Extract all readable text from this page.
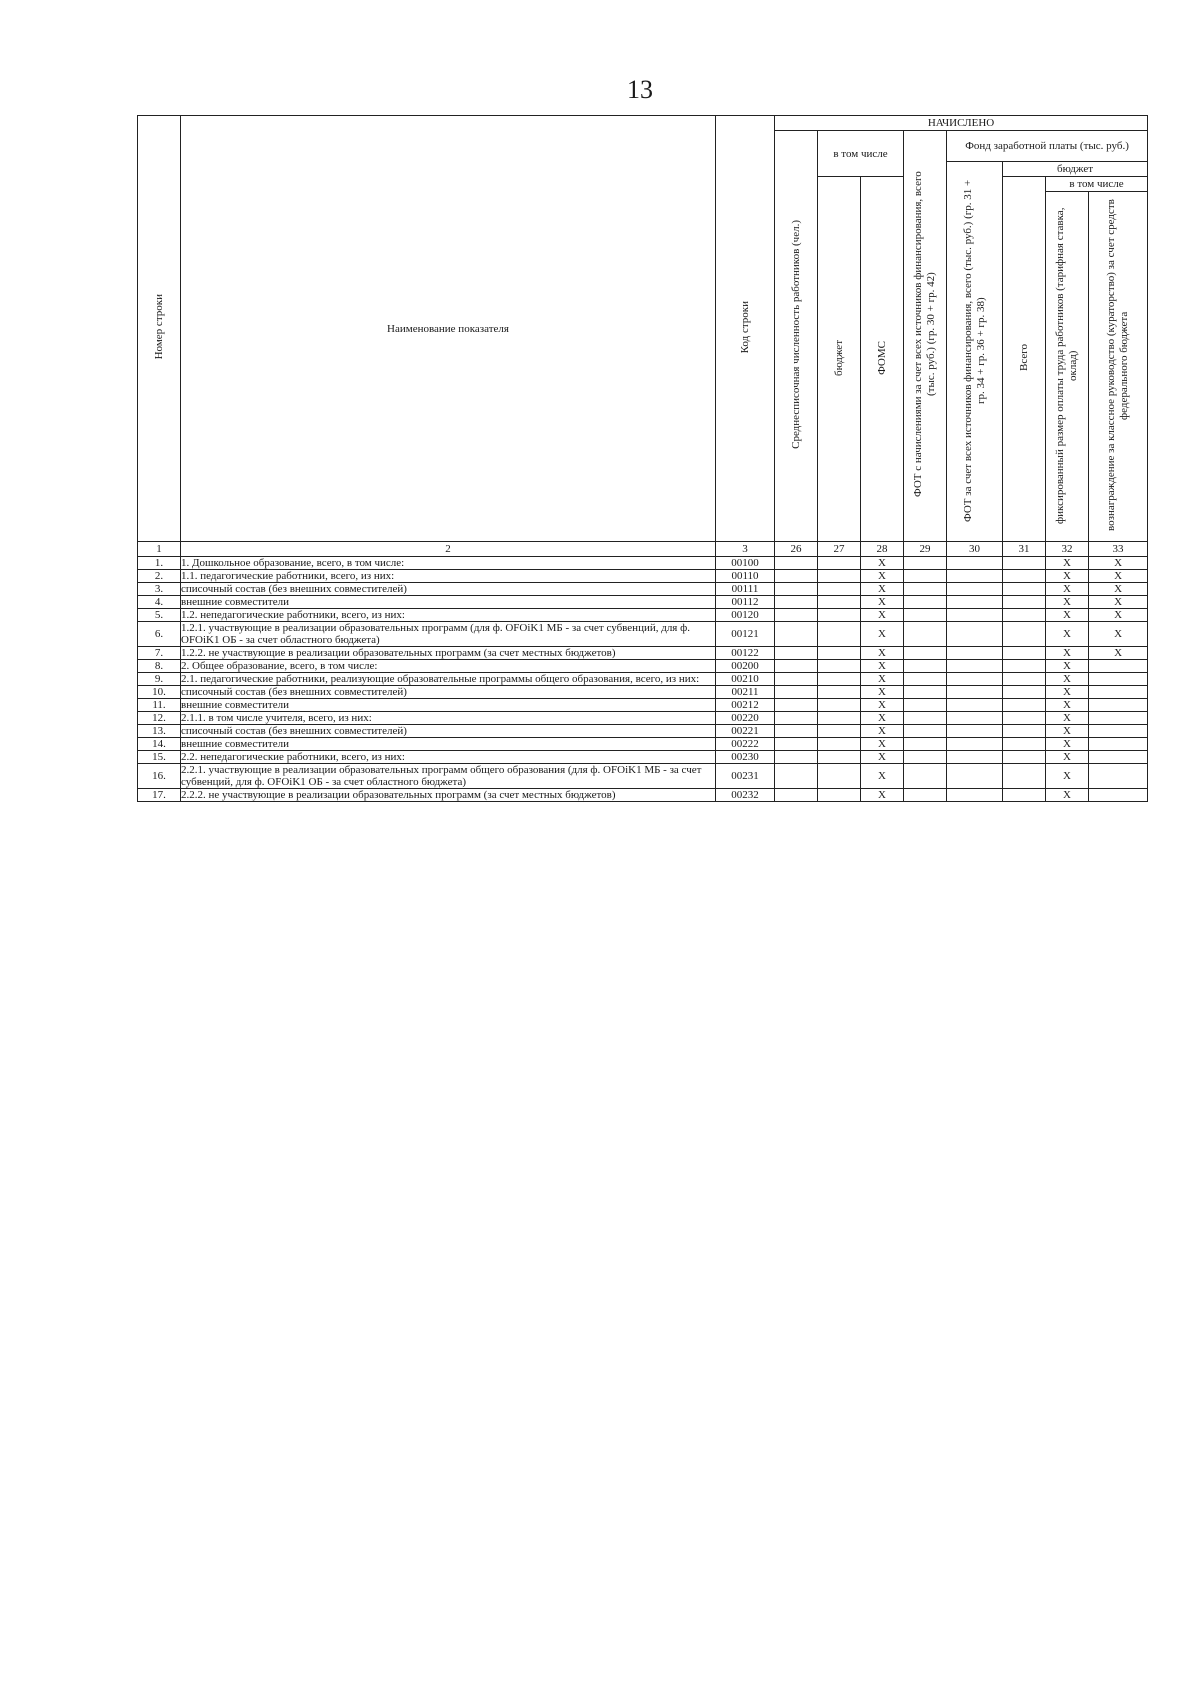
13
Номер строки	Наименование показателя	Код строки	НАЧИСЛЕНО							
			Среднесписочная численность работников (чел.)	в том числе		ФОТ с начислениями за счет всех источников финансирования, всего (тыс. руб.) (гр. 30 + гр. 42)	Фонд заработной платы (тыс. руб.)			
							ФОТ за счет всех источников финансирования, всего (тыс. руб.) (гр. 31 + гр. 34 + гр. 36 + гр. 38)	бюджет		
				бюджет	ФОМС			Всего	в том числе	
									фиксированный размер оплаты труда работников (тарифная ставка, оклад)	вознаграждение за классное руководство (кураторство) за счет средств федерального бюджета
1	2	3	26	27	28	29	30	31	32	33
1.	1. Дошкольное образование, всего, в том числе:	00100			X				X	X
2.	1.1. педагогические работники, всего, из них:	00110			X				X	X
3.	списочный состав (без внешних совместителей)	00111			X				X	X
4.	внешние совместители	00112			X				X	X
5.	1.2. непедагогические работники, всего, из них:	00120			X				X	X
6.	1.2.1. участвующие в реализации образовательных программ (для ф. OFOiK1 МБ - за счет субвенций, для ф. OFOiK1 ОБ - за счет областного бюджета)	00121			X				X	X
7.	1.2.2. не участвующие в реализации образовательных программ (за счет местных бюджетов)	00122			X				X	X
8.	2. Общее образование, всего, в том числе:	00200			X				X	
9.	2.1. педагогические работники, реализующие образовательные программы общего образования, всего, из них:	00210			X				X	
10.	списочный состав (без внешних совместителей)	00211			X				X	
11.	внешние совместители	00212			X				X	
12.	2.1.1. в том числе учителя, всего, из них:	00220			X				X	
13.	списочный состав (без внешних совместителей)	00221			X				X	
14.	внешние совместители	00222			X				X	
15.	2.2. непедагогические работники, всего, из них:	00230			X				X	
16.	2.2.1. участвующие в реализации образовательных программ общего образования (для ф. OFOiK1 МБ - за счет субвенций, для ф. OFOiK1 ОБ - за счет областного бюджета)	00231			X				X	
17.	2.2.2. не участвующие в реализации образовательных программ (за счет местных бюджетов)	00232			X				X	
